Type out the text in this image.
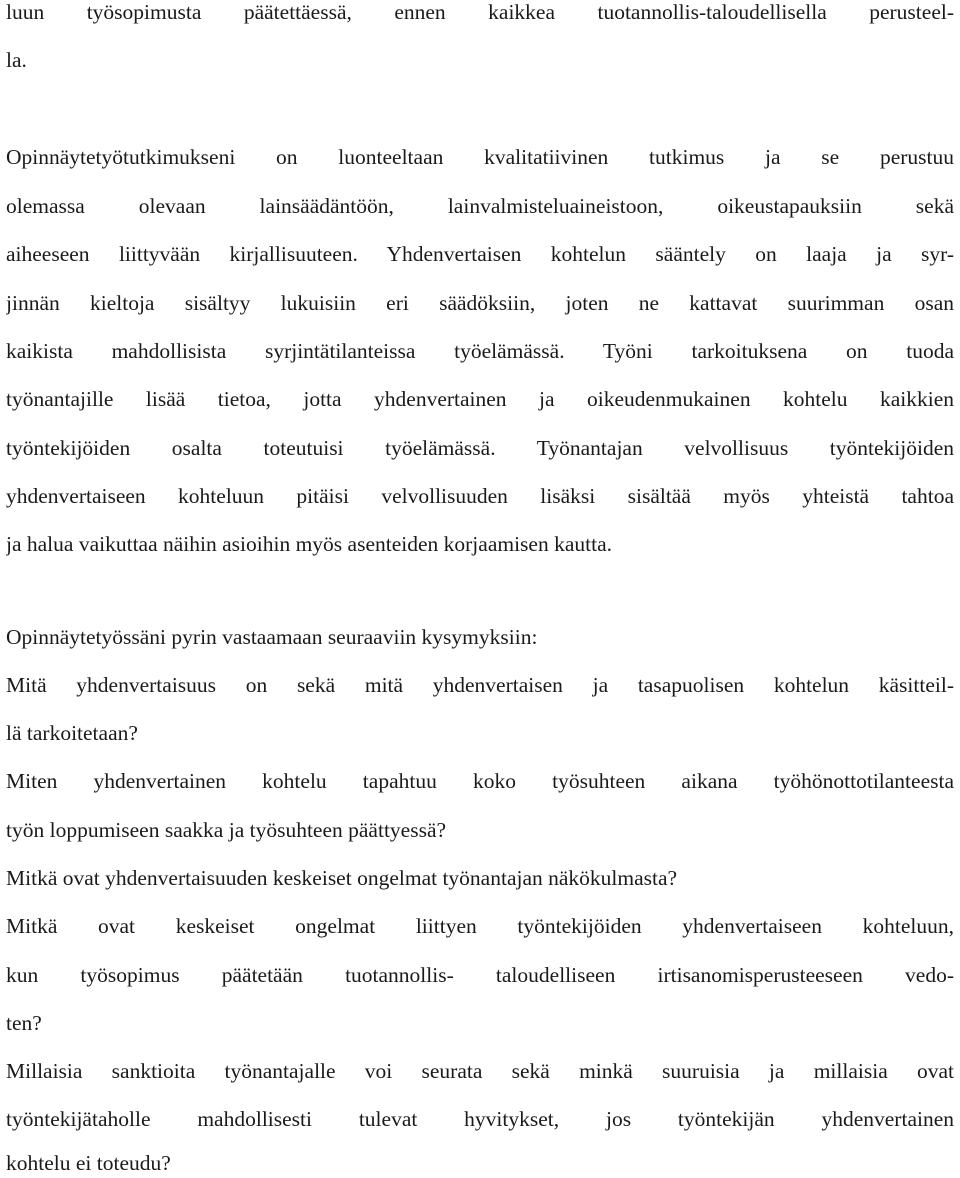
luun työsopimusta päätettäessä, ennen kaikkea tuotannollis-taloudellisella perusteel-
la.
Opinnäytetyötutkimukseni on luonteeltaan kvalitatiivinen tutkimus ja se perustuu
olemassa olevaan lainsäädäntöön, lainvalmisteluaineistoon, oikeustapauksiin sekä
aiheeseen liittyvään kirjallisuuteen. Yhdenvertaisen kohtelun sääntely on laaja ja syr-
jinnän kieltoja sisältyy lukuisiin eri säädöksiin, joten ne kattavat suurimman osan
kaikista mahdollisista syrjintätilanteissa työelämässä. Työni tarkoituksena on tuoda
työnantajille lisää tietoa, jotta yhdenvertainen ja oikeudenmukainen kohtelu kaikkien
työntekijöiden osalta toteutuisi työelämässä. Työnantajan velvollisuus työntekijöiden
yhdenvertaiseen kohteluun pitäisi velvollisuuden lisäksi sisältää myös yhteistä tahtoa
ja halua vaikuttaa näihin asioihin myös asenteiden korjaamisen kautta.
Opinnäytetyössäni pyrin vastaamaan seuraaviin kysymyksiin:
Mitä yhdenvertaisuus on sekä mitä yhdenvertaisen ja tasapuolisen kohtelun käsitteil-
lä tarkoitetaan?
Miten yhdenvertainen kohtelu tapahtuu koko työsuhteen aikana työhönottotilanteesta
työn loppumiseen saakka ja työsuhteen päättyessä?
Mitkä ovat yhdenvertaisuuden keskeiset ongelmat työnantajan näkökulmasta?
Mitkä ovat keskeiset ongelmat liittyen työntekijöiden yhdenvertaiseen kohteluun,
kun työsopimus päätetään tuotannollis- taloudelliseen irtisanomisperusteeseen vedo-
ten?
Millaisia sanktioita työnantajalle voi seurata sekä minkä suuruisia ja millaisia ovat
työntekijätaholle mahdollisesti tulevat hyvitykset, jos työntekijän yhdenvertainen
kohtelu ei toteudu?
